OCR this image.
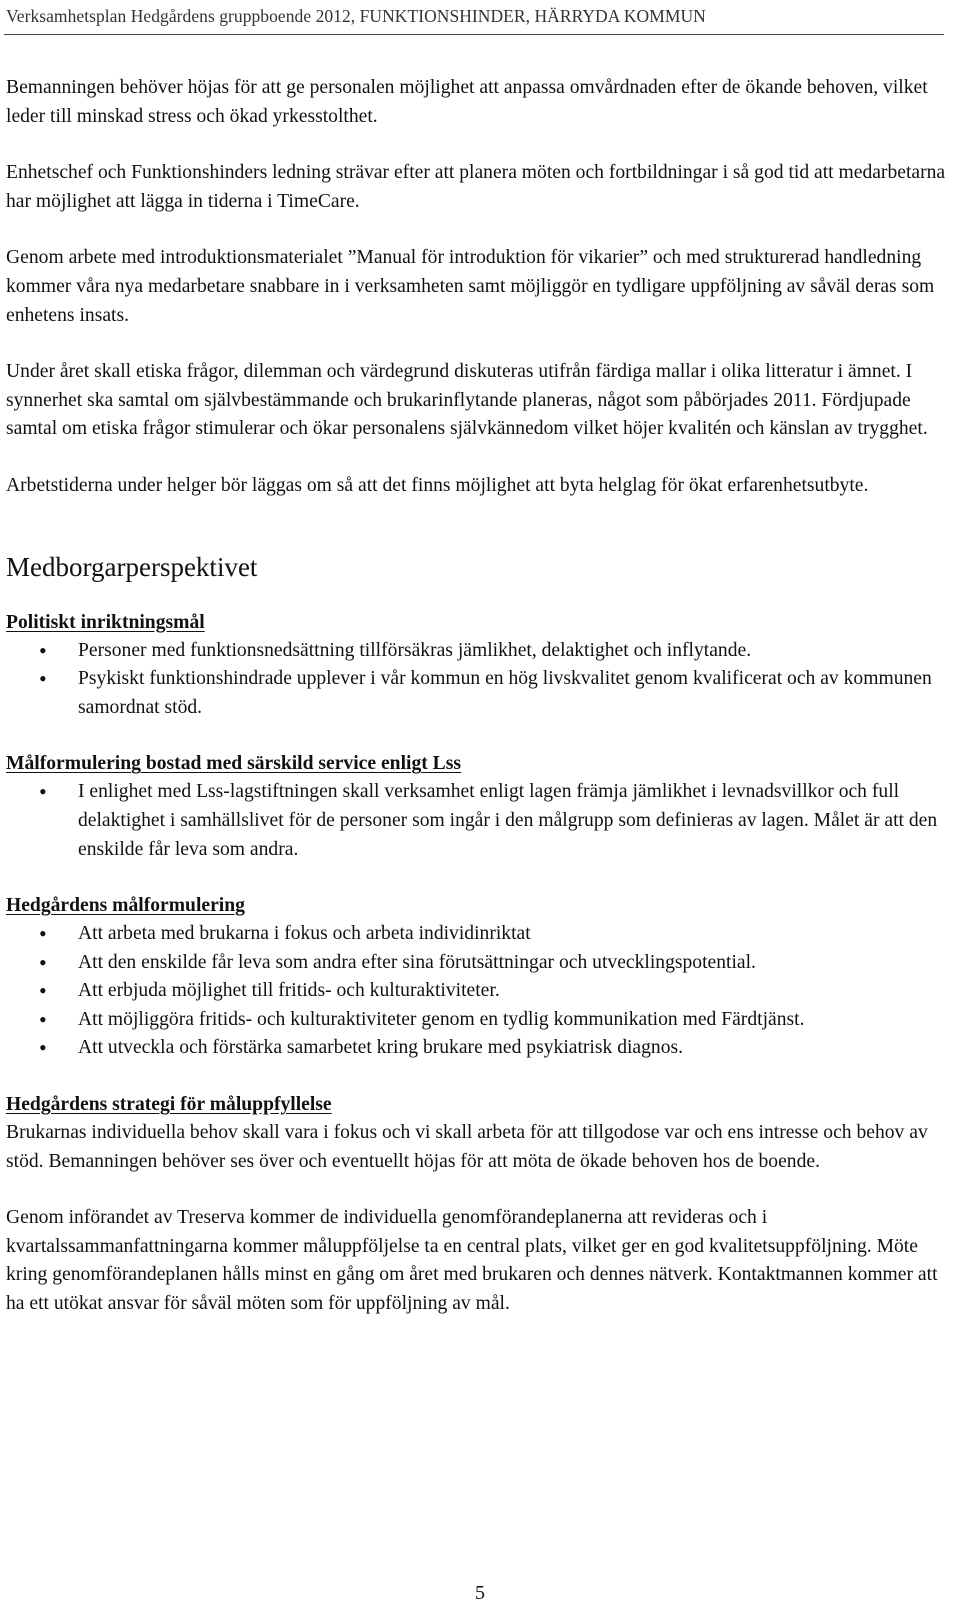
Verksamhetsplan Hedgårdens gruppboende 2012, FUNKTIONSHINDER, HÄRRYDA KOMMUN

Bemanningen behöver höjas för att ge personalen möjlighet att anpassa omvårdnaden efter de ökande behoven, vilket leder till minskad stress och ökad yrkesstolthet.

Enhetschef och Funktionshinders ledning strävar efter att planera möten och fortbildningar i så god tid att medarbetarna har möjlighet att lägga in tiderna i TimeCare.

Genom arbete med introduktionsmaterialet ”Manual för introduktion för vikarier” och med strukturerad handledning kommer våra nya medarbetare snabbare in i verksamheten samt möjliggör en tydligare uppföljning av såväl deras som enhetens insats.

Under året skall etiska frågor, dilemman och värdegrund diskuteras utifrån färdiga mallar i olika litteratur i ämnet. I synnerhet ska samtal om självbestämmande och brukarinflytande planeras, något som påbörjades 2011. Fördjupade samtal om etiska frågor stimulerar och ökar personalens självkännedom vilket höjer kvalitén och känslan av trygghet.

Arbetstiderna under helger bör läggas om så att det finns möjlighet att byta helglag för ökat erfarenhetsutbyte.

Medborgarperspektivet
Politiskt inriktningsmål
• Personer med funktionsnedsättning tillförsäkras jämlikhet, delaktighet och inflytande.
• Psykiskt funktionshindrade upplever i vår kommun en hög livskvalitet genom kvalificerat och av kommunen samordnat stöd.
Målformulering bostad med särskild service enligt Lss
• I enlighet med Lss-lagstiftningen skall verksamhet enligt lagen främja jämlikhet i levnadsvillkor och full delaktighet i samhällslivet för de personer som ingår i den målgrupp som definieras av lagen. Målet är att den enskilde får leva som andra.
Hedgårdens målformulering
• Att arbeta med brukarna i fokus och arbeta individinriktat
• Att den enskilde får leva som andra efter sina förutsättningar och utvecklingspotential.
• Att erbjuda möjlighet till fritids- och kulturaktiviteter.
• Att möjliggöra fritids- och kulturaktiviteter genom en tydlig kommunikation med Färdtjänst.
• Att utveckla och förstärka samarbetet kring brukare med psykiatrisk diagnos.
Hedgårdens strategi för måluppfyllelse

Brukarnas individuella behov skall vara i fokus och vi skall arbeta för att tillgodose var och ens intresse och behov av stöd. Bemanningen behöver ses över och eventuellt höjas för att möta de ökade behoven hos de boende.

Genom införandet av Treserva kommer de individuella genomförandeplanerna att revideras och i kvartalssammanfattningarna kommer måluppföljelse ta en central plats, vilket ger en god kvalitetsuppföljning. Möte kring genomförandeplanen hålls minst en gång om året med brukaren och dennes nätverk. Kontaktmannen kommer att ha ett utökat ansvar för såväl möten som för uppföljning av mål.

5
